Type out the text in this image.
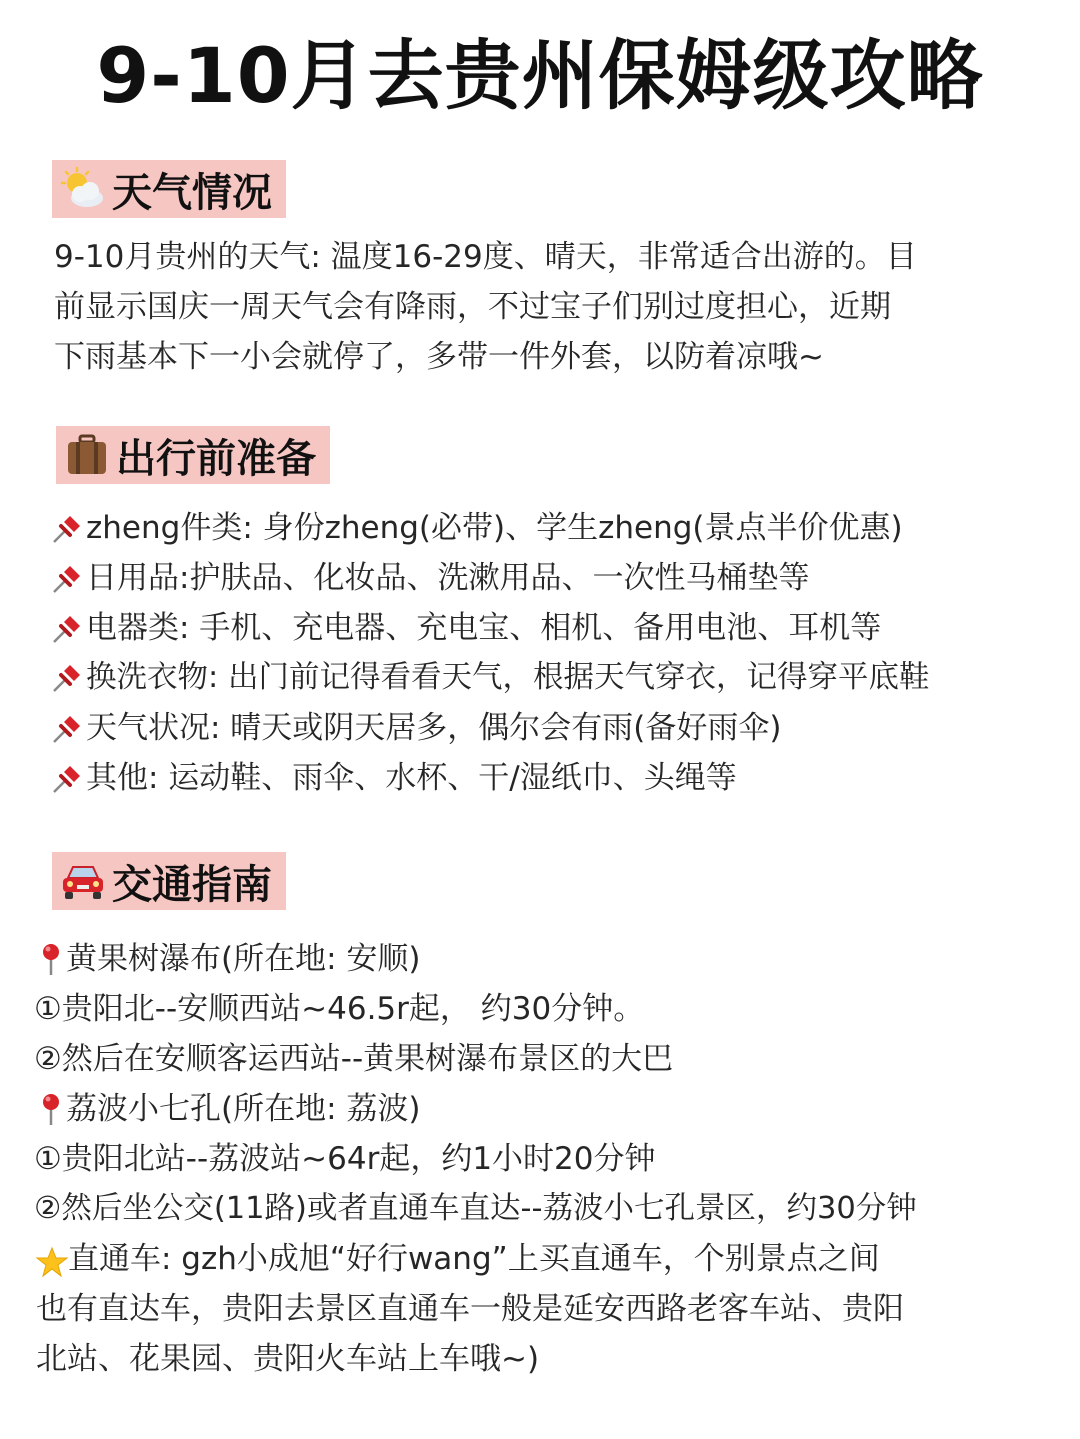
9-10月去贵州保姆级攻略
天气情况
9-10月贵州的天气: 温度16-29度、晴天，非常适合出游的。目
前显示国庆一周天气会有降雨，不过宝子们别过度担心，近期
下雨基本下一小会就停了，多带一件外套，以防着凉哦~
出行前准备
zheng件类: 身份zheng(必带)、学生zheng(景点半价优惠)
日用品:护肤品、化妆品、洗漱用品、一次性马桶垫等
电器类: 手机、充电器、充电宝、相机、备用电池、耳机等
换洗衣物: 出门前记得看看天气，根据天气穿衣，记得穿平底鞋
天气状况: 晴天或阴天居多，偶尔会有雨(备好雨伞)
其他: 运动鞋、雨伞、水杯、干/湿纸巾、头绳等
交通指南
黄果树瀑布(所在地: 安顺)
①贵阳北--安顺西站~46.5r起， 约30分钟。
②然后在安顺客运西站--黄果树瀑布景区的大巴
荔波小七孔(所在地: 荔波)
①贵阳北站--荔波站~64r起，约1小时20分钟
②然后坐公交(11路)或者直通车直达--荔波小七孔景区，约30分钟
直通车: gzh小成旭“好行wang”上买直通车，个别景点之间
也有直达车，贵阳去景区直通车一般是延安西路老客车站、贵阳
北站、花果园、贵阳火车站上车哦~)
